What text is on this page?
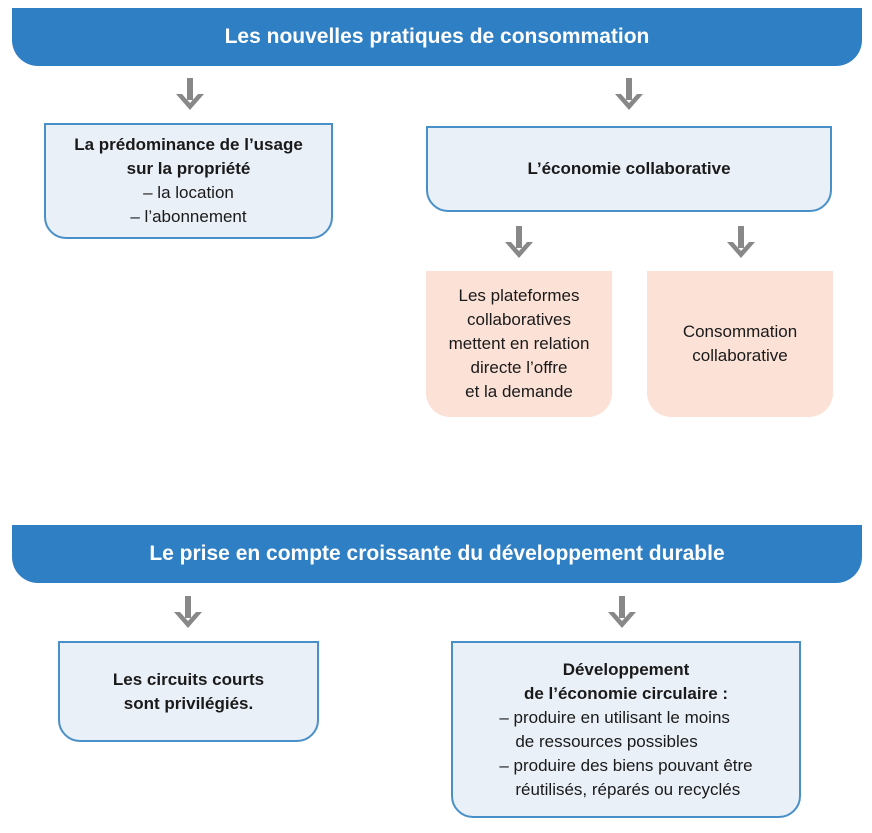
Les nouvelles pratiques de consommation
La prédominance de l’usage
sur la propriété
– la location
– l’abonnement
L’économie collaborative
Les plateformes
collaboratives
mettent en relation
directe l’offre
et la demande
Consommation
collaborative
Le prise en compte croissante du développement durable
Les circuits courts
sont privilégiés.
Développement
de l’économie circulaire :
– produire en utilisant le moins
de ressources possibles
– produire des biens pouvant être
réutilisés, réparés ou recyclés
